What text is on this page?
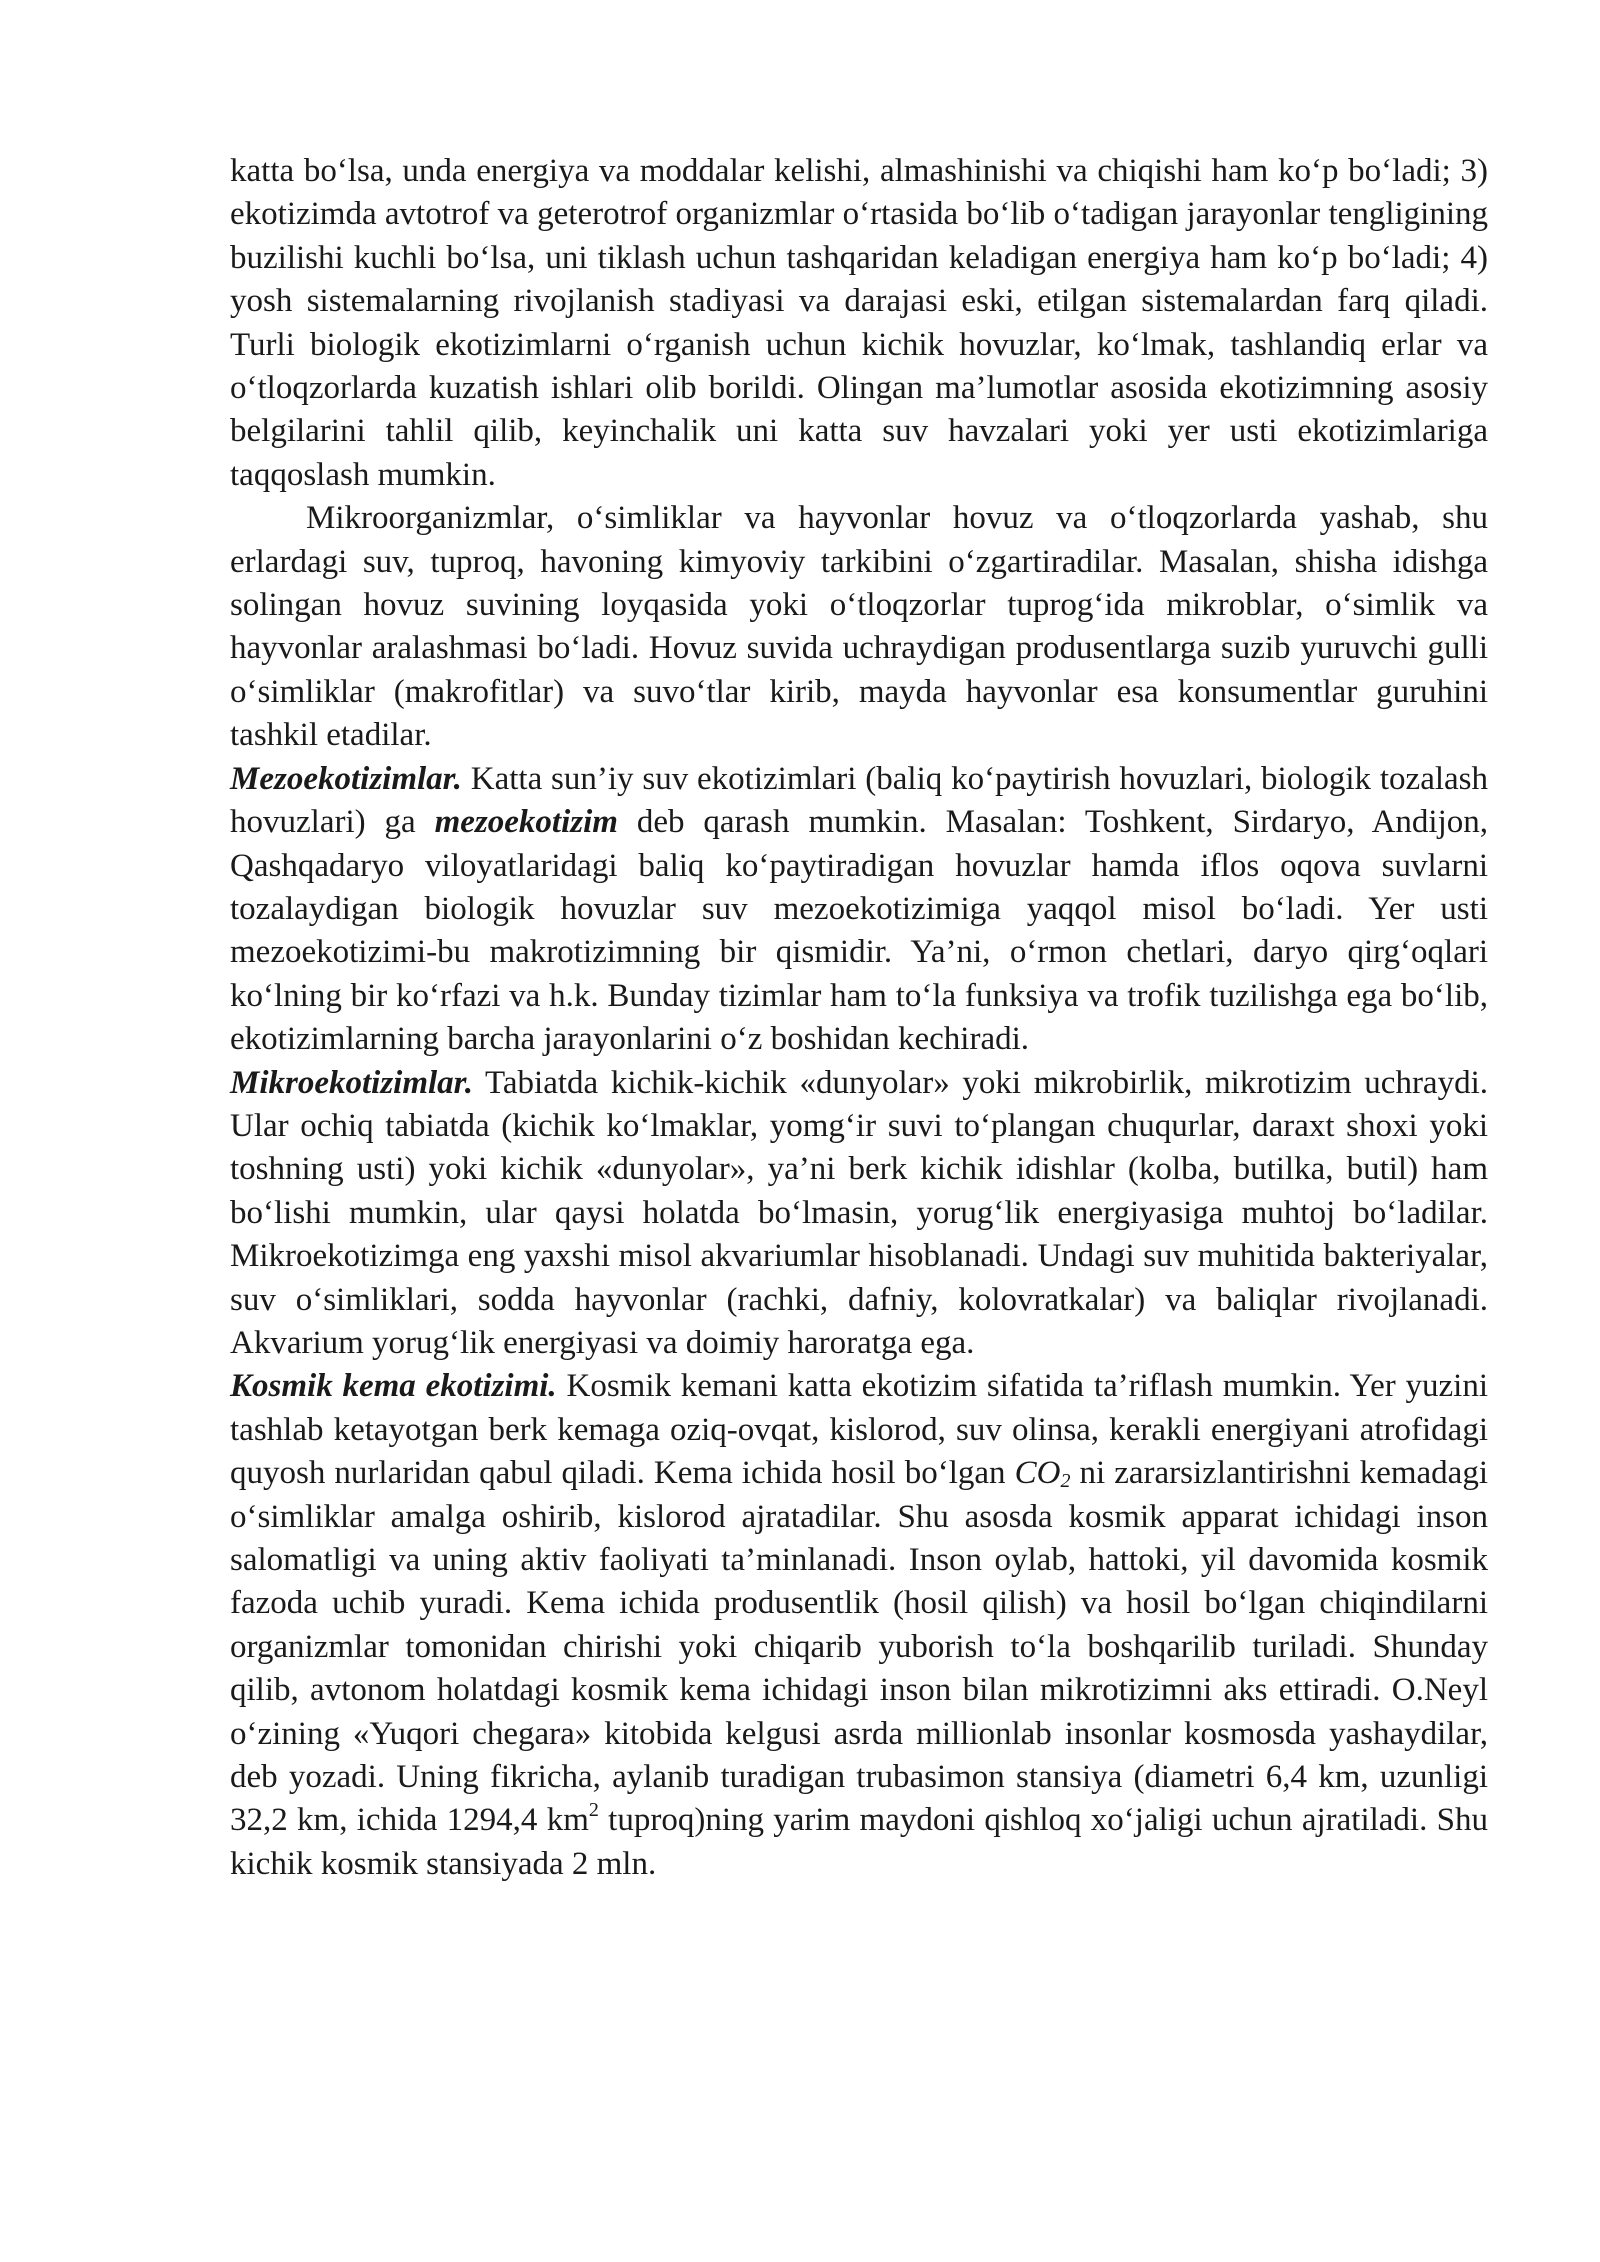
katta bo‘lsa, unda energiya va moddalar kelishi, almashinishi va chiqishi ham ko‘p bo‘ladi; 3) ekotizimda avtotrof va geterotrof organizmlar o‘rtasida bo‘lib o‘tadigan jarayonlar tengligining buzilishi kuchli bo‘lsa, uni tiklash uchun tashqaridan keladigan energiya ham ko‘p bo‘ladi; 4) yosh sistemalarning rivojlanish stadiyasi va darajasi eski, etilgan sistemalardan farq qiladi. Turli biologik ekotizimlarni o‘rganish uchun kichik hovuzlar, ko‘lmak, tashlandiq erlar va o‘tloqzorlarda kuzatish ishlari olib borildi. Olingan ma’lumotlar asosida ekotizimning asosiy belgilarini tahlil qilib, keyinchalik uni katta suv havzalari yoki yer usti ekotizimlariga taqqoslash mumkin.

Mikroorganizmlar, o‘simliklar va hayvonlar hovuz va o‘tloqzorlarda yashab, shu erlardagi suv, tuproq, havoning kimyoviy tarkibini o‘zgartiradilar. Masalan, shisha idishga solingan hovuz suvining loyqasida yoki o‘tloqzorlar tuprog‘ida mikroblar, o‘simlik va hayvonlar aralashmasi bo‘ladi. Hovuz suvida uchraydigan produsentlarga suzib yuruvchi gulli o‘simliklar (makrofitlar) va suvo‘tlar kirib, mayda hayvonlar esa konsumentlar guruhini tashkil etadilar.

Mezoekotizimlar. Katta sun’iy suv ekotizimlari (baliq ko‘paytirish hovuzlari, biologik tozalash hovuzlari) ga mezoekotizim deb qarash mumkin. Masalan: Toshkent, Sirdaryo, Andijon, Qashqadaryo viloyatlaridagi baliq ko‘paytiradigan hovuzlar hamda iflos oqova suvlarni tozalaydigan biologik hovuzlar suv mezoekotizimiga yaqqol misol bo‘ladi. Yer usti mezoekotizimi-bu makrotizimning bir qismidir. Ya’ni, o‘rmon chetlari, daryo qirg‘oqlari ko‘lning bir ko‘rfazi va h.k. Bunday tizimlar ham to‘la funksiya va trofik tuzilishga ega bo‘lib, ekotizimlarning barcha jarayonlarini o‘z boshidan kechiradi.

Mikroekotizimlar. Tabiatda kichik-kichik «dunyolar» yoki mikrobirlik, mikrotizim uchraydi. Ular ochiq tabiatda (kichik ko‘lmaklar, yomg‘ir suvi to‘plangan chuqurlar, daraxt shoxi yoki toshning usti) yoki kichik «dunyolar», ya’ni berk kichik idishlar (kolba, butilka, butil) ham bo‘lishi mumkin, ular qaysi holatda bo‘lmasin, yorug‘lik energiyasiga muhtoj bo‘ladilar. Mikroekotizimga eng yaxshi misol akvariumlar hisoblanadi. Undagi suv muhitida bakteriyalar, suv o‘simliklari, sodda hayvonlar (rachki, dafniy, kolovratkalar) va baliqlar rivojlanadi. Akvarium yorug‘lik energiyasi va doimiy haroratga ega.

Kosmik kema ekotizimi. Kosmik kemani katta ekotizim sifatida ta’riflash mumkin. Yer yuzini tashlab ketayotgan berk kemaga oziq-ovqat, kislorod, suv olinsa, kerakli energiyani atrofidagi quyosh nurlaridan qabul qiladi. Kema ichida hosil bo‘lgan $CO_2$ ni zararsizlantirishni kemadagi o‘simliklar amalga oshirib, kislorod ajratadilar. Shu asosda kosmik apparat ichidagi inson salomatligi va uning aktiv faoliyati ta’minlanadi. Inson oylab, hattoki, yil davomida kosmik fazoda uchib yuradi. Kema ichida produsentlik (hosil qilish) va hosil bo‘lgan chiqindilarni organizmlar tomonidan chirishi yoki chiqarib yuborish to‘la boshqarilib turiladi. Shunday qilib, avtonom holatdagi kosmik kema ichidagi inson bilan mikrotizimni aks ettiradi. O.Neyl o‘zining «Yuqori chegara» kitobida kelgusi asrda millionlab insonlar kosmosda yashaydilar, deb yozadi. Uning fikricha, aylanib turadigan trubasimon stansiya (diametri 6,4 km, uzunligi 32,2 km, ichida 1294,4 $km^2$ tuproq)ning yarim maydoni qishloq xo‘jaligi uchun ajratiladi. Shu kichik kosmik stansiyada 2 mln.
